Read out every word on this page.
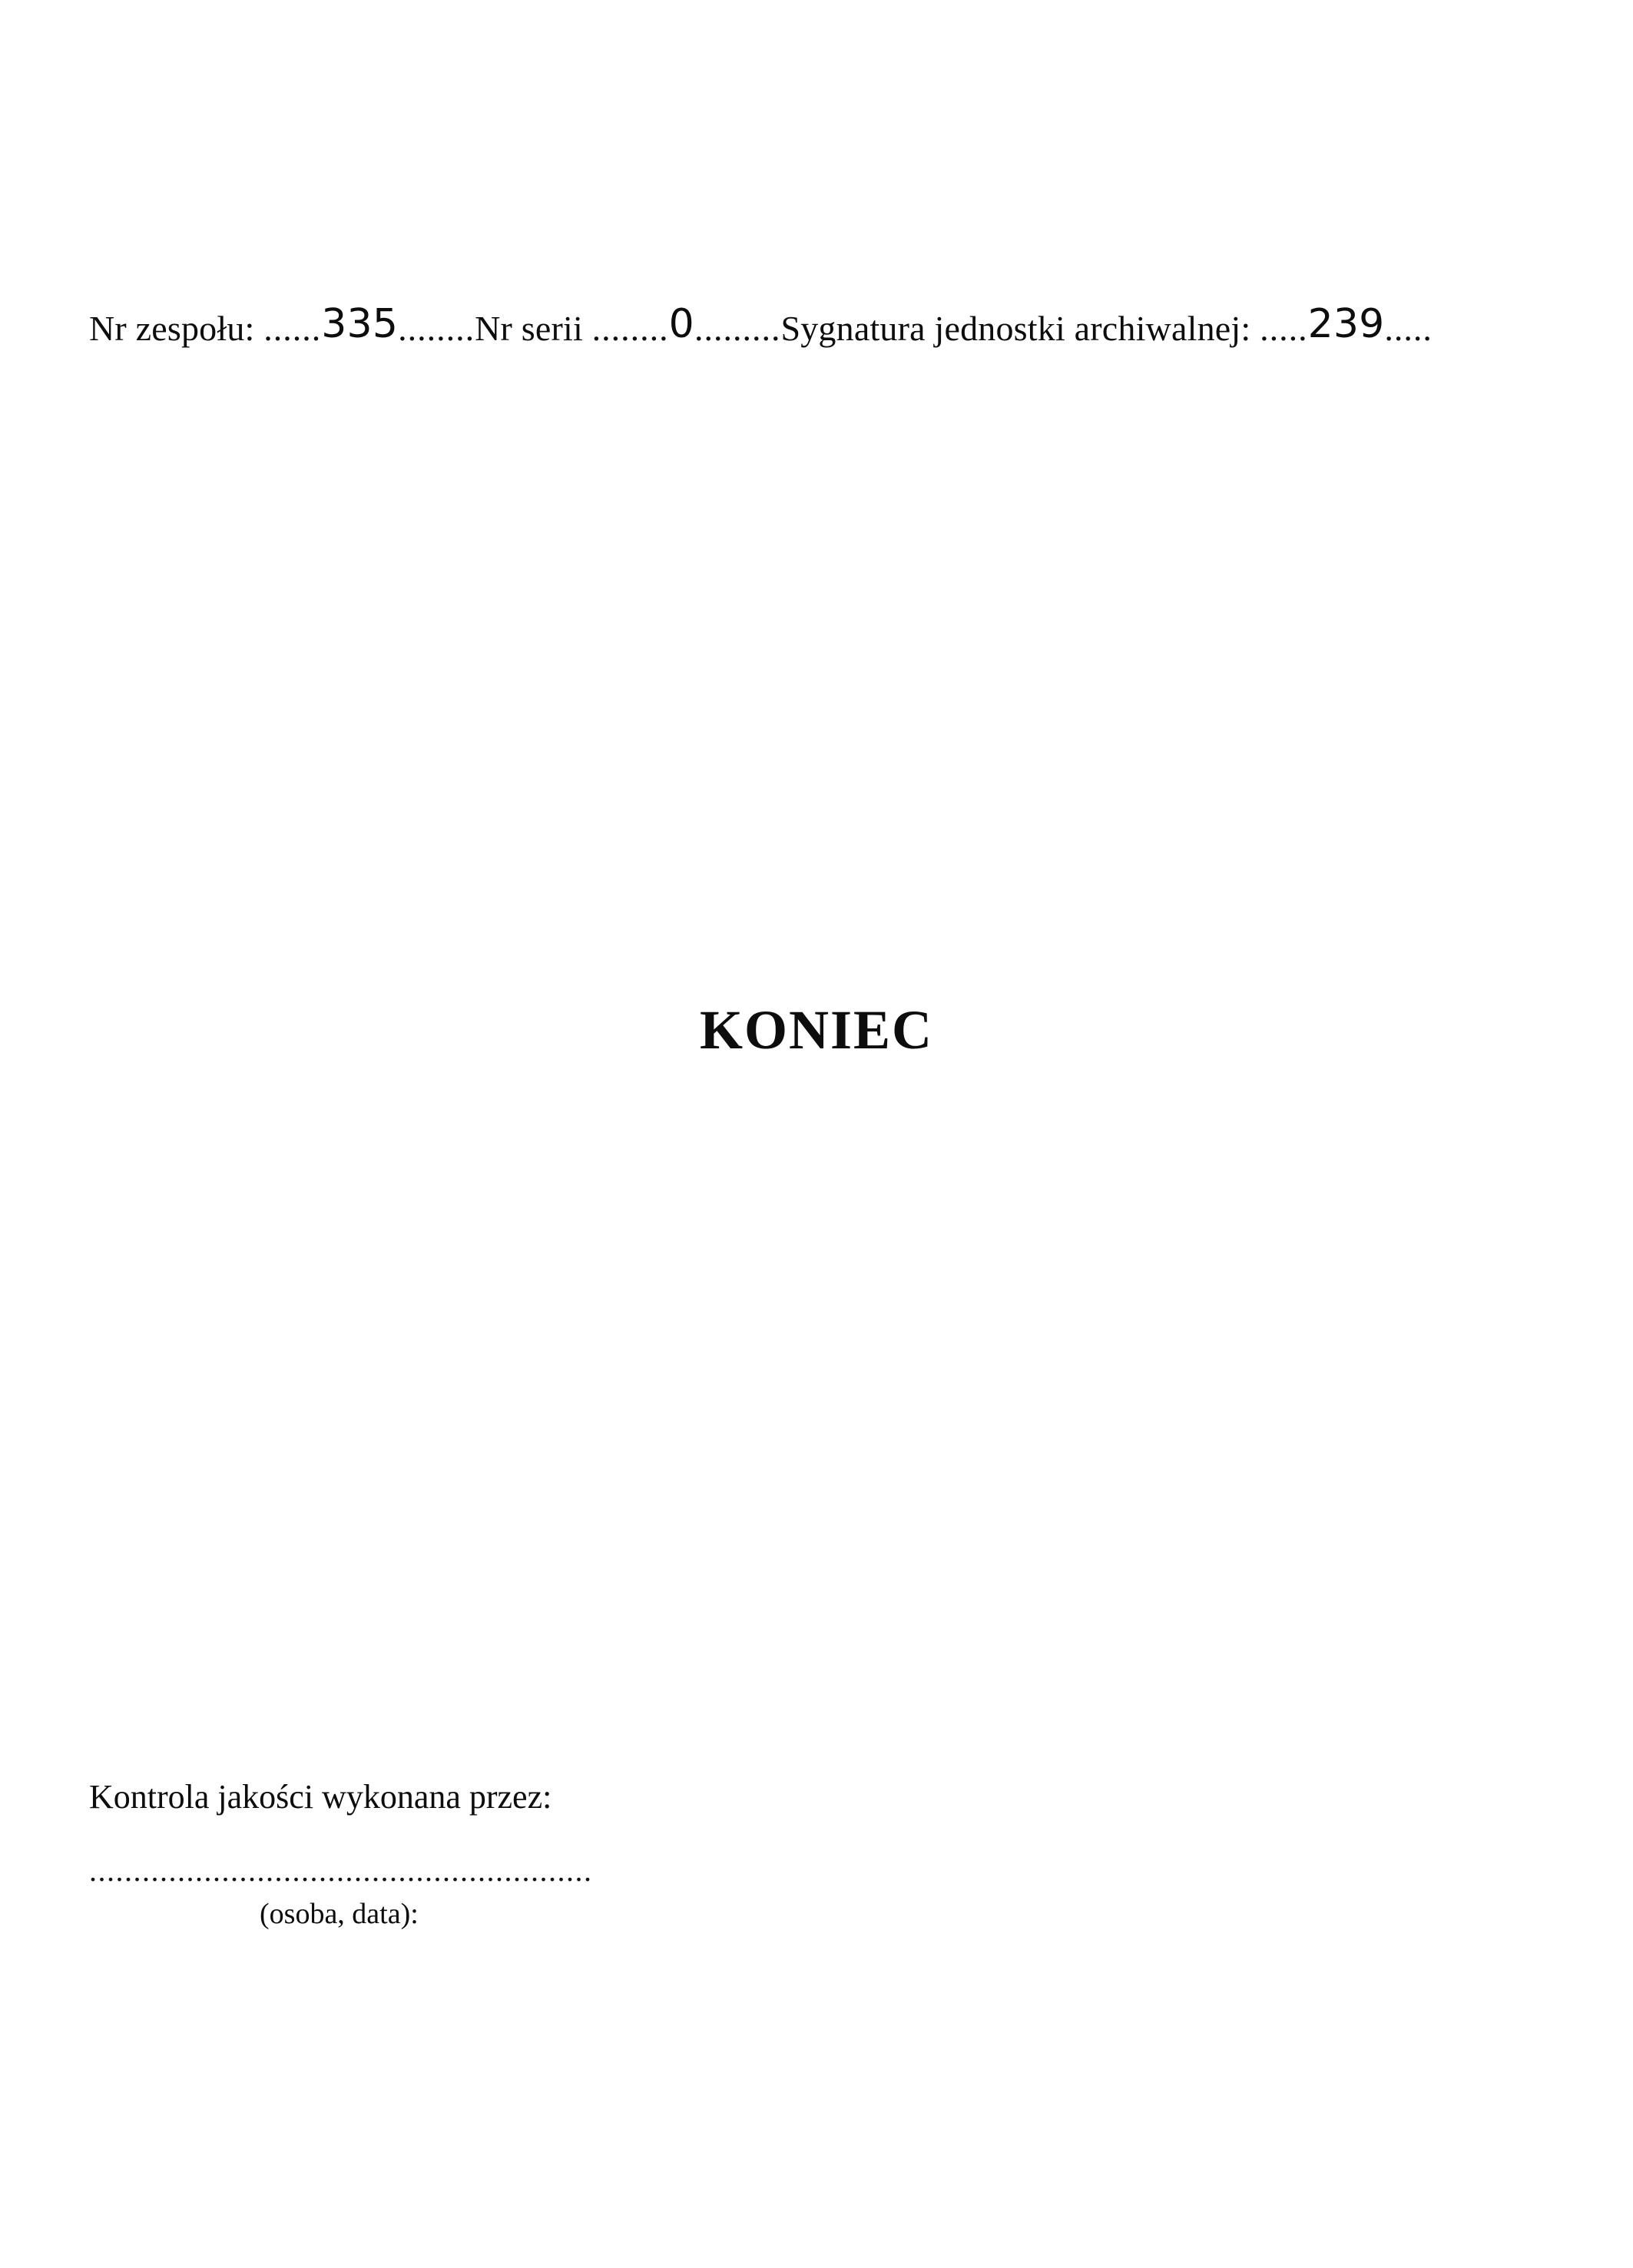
Nr zespołu: ......335........Nr serii ........0.........Sygnatura jednostki archiwalnej: .....239.....
KONIEC
Kontrola jakości wykonana przez:
.........................................................
(osoba, data):
